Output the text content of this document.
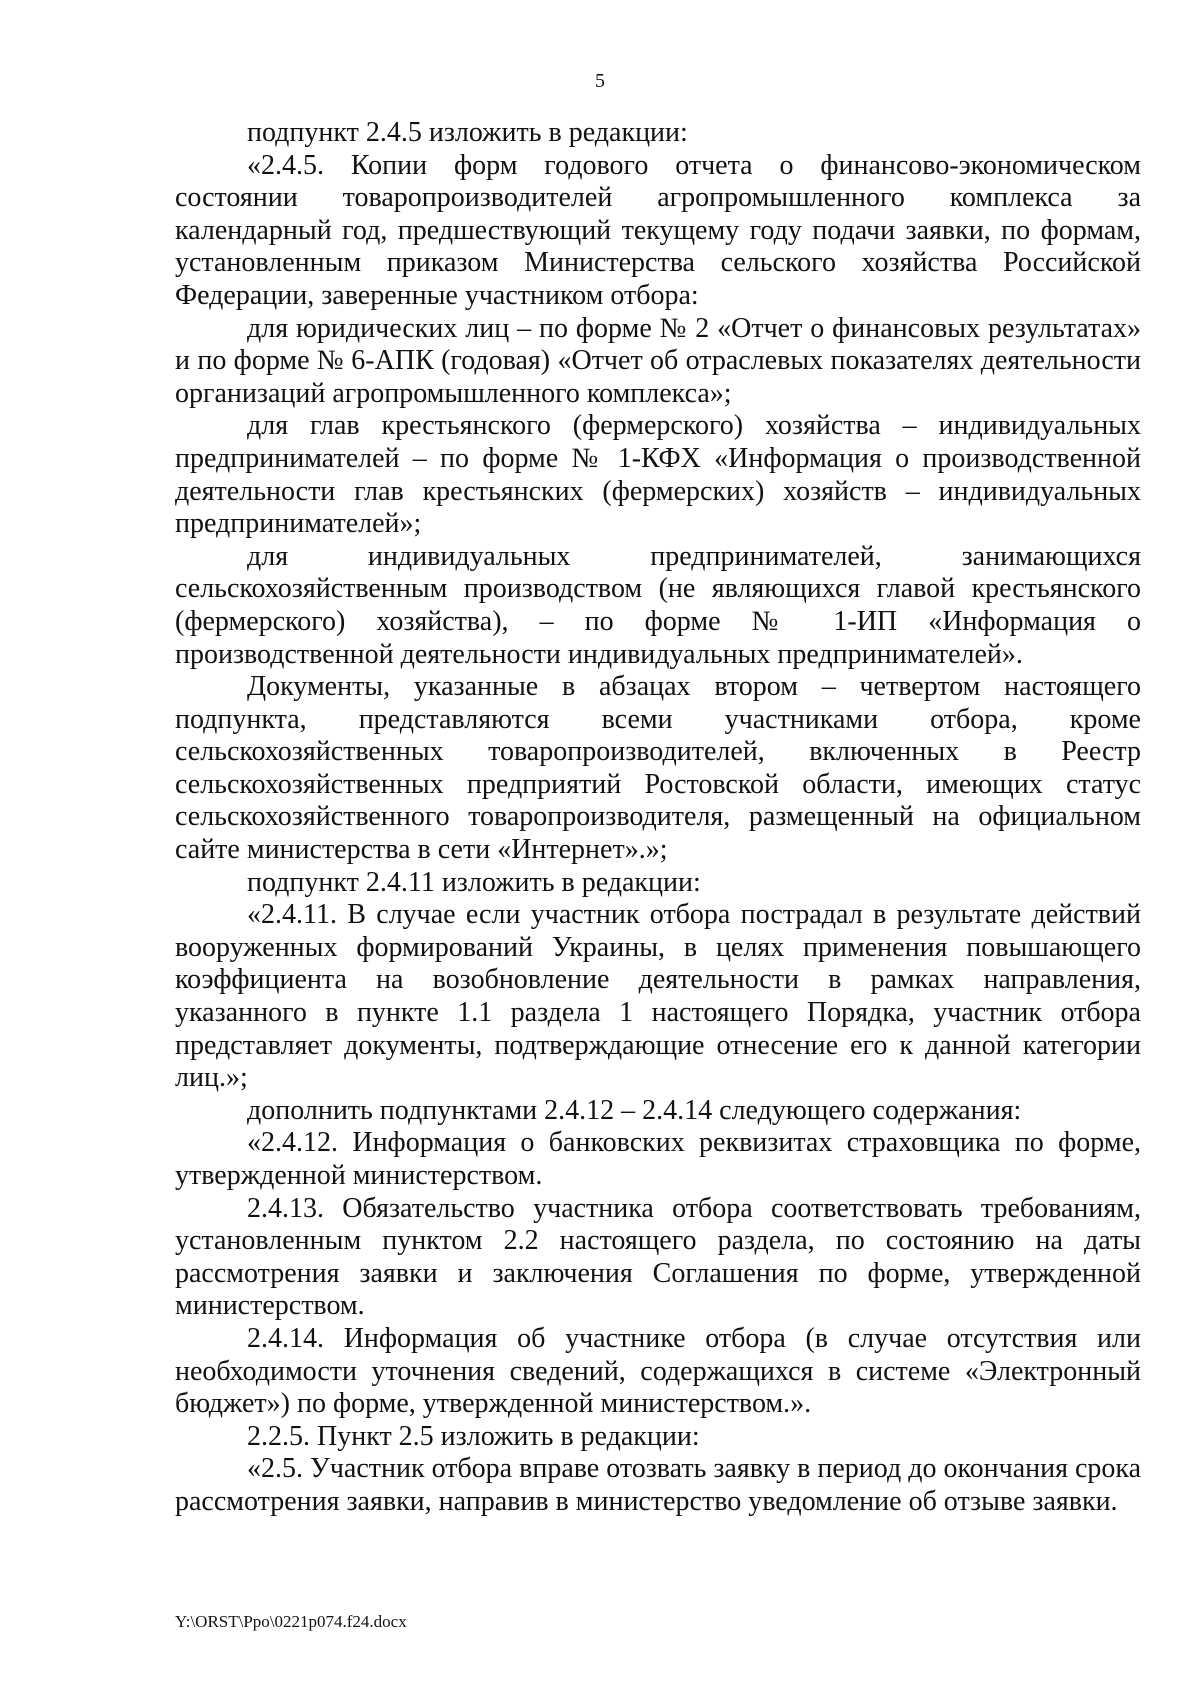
5

подпункт 2.4.5 изложить в редакции:

«2.4.5. Копии форм годового отчета о финансово-экономическом состоянии товаропроизводителей агропромышленного комплекса за календарный год, предшествующий текущему году подачи заявки, по формам, установленным приказом Министерства сельского хозяйства Российской Федерации, заверенные участником отбора:

для юридических лиц – по форме № 2 «Отчет о финансовых результатах» и по форме № 6-АПК (годовая) «Отчет об отраслевых показателях деятельности организаций агропромышленного комплекса»;

для глав крестьянского (фермерского) хозяйства – индивидуальных предпринимателей – по форме № 1-КФХ «Информация о производственной деятельности глав крестьянских (фермерских) хозяйств – индивидуальных предпринимателей»;

для индивидуальных предпринимателей, занимающихся сельскохозяйственным производством (не являющихся главой крестьянского (фермерского) хозяйства), – по форме № 1-ИП «Информация о производственной деятельности индивидуальных предпринимателей».

Документы, указанные в абзацах втором – четвертом настоящего подпункта, представляются всеми участниками отбора, кроме сельскохозяйственных товаропроизводителей, включенных в Реестр сельскохозяйственных предприятий Ростовской области, имеющих статус сельскохозяйственного товаропроизводителя, размещенный на официальном сайте министерства в сети «Интернет».»;

подпункт 2.4.11 изложить в редакции:

«2.4.11. В случае если участник отбора пострадал в результате действий вооруженных формирований Украины, в целях применения повышающего коэффициента на возобновление деятельности в рамках направления, указанного в пункте 1.1 раздела 1 настоящего Порядка, участник отбора представляет документы, подтверждающие отнесение его к данной категории лиц.»;

дополнить подпунктами 2.4.12 – 2.4.14 следующего содержания:

«2.4.12. Информация о банковских реквизитах страховщика по форме, утвержденной министерством.

2.4.13. Обязательство участника отбора соответствовать требованиям, установленным пунктом 2.2 настоящего раздела, по состоянию на даты рассмотрения заявки и заключения Соглашения по форме, утвержденной министерством.

2.4.14. Информация об участнике отбора (в случае отсутствия или необходимости уточнения сведений, содержащихся в системе «Электронный бюджет») по форме, утвержденной министерством.».

2.2.5. Пункт 2.5 изложить в редакции:

«2.5. Участник отбора вправе отозвать заявку в период до окончания срока рассмотрения заявки, направив в министерство уведомление об отзыве заявки.

Y:\ORST\Ppo\0221p074.f24.docx
